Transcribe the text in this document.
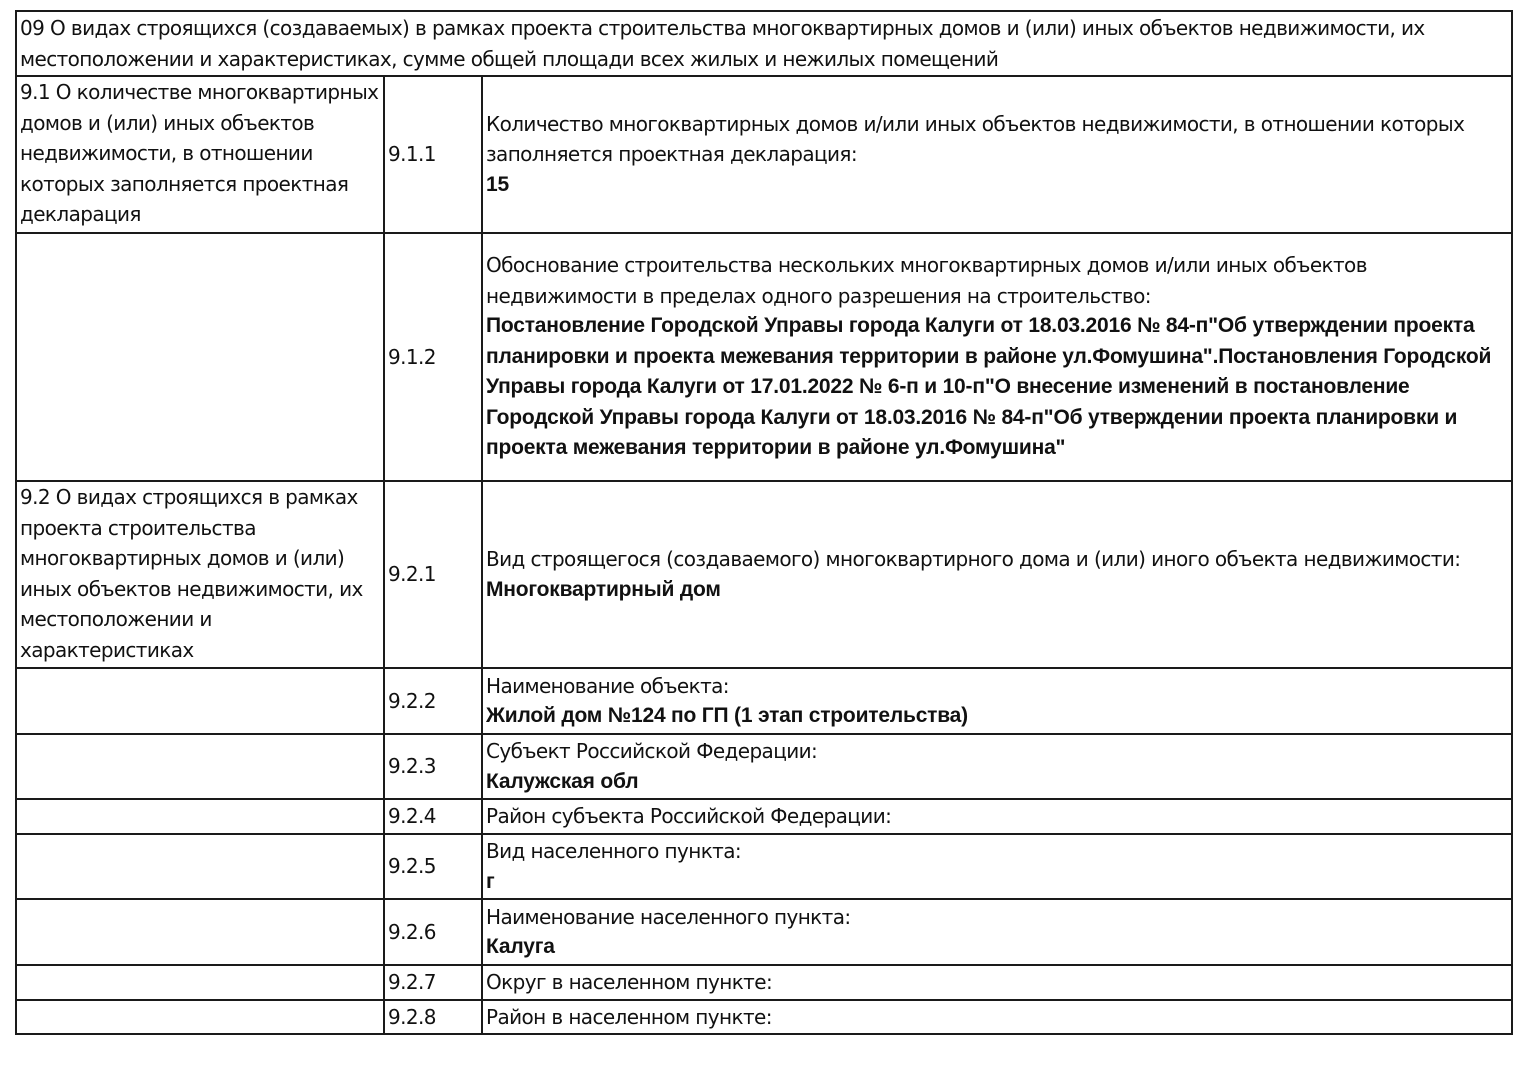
09 О видах строящихся (создаваемых) в рамках проекта строительства многоквартирных домов и (или) иных объектов недвижимости, их местоположении и характеристиках, сумме общей площади всех жилых и нежилых помещений		
9.1 О количестве многоквартирных домов и (или) иных объектов недвижимости, в отношении которых заполняется проектная декларация	9.1.1	Количество многоквартирных домов и/или иных объектов недвижимости, в отношении которых заполняется проектная декларация:
15

	9.1.2	Обоснование строительства нескольких многоквартирных домов и/или иных объектов недвижимости в пределах одного разрешения на строительство:
Постановление Городской Управы города Калуги от 18.03.2016 № 84-п"Об утверждении проекта планировки и проекта межевания территории в районе ул.Фомушина".Постановления Городской Управы города Калуги от 17.01.2022 № 6-п и 10-п"О внесение изменений в постановление Городской Управы города Калуги от 18.03.2016 № 84-п"Об утверждении проекта планировки и проекта межевания территории в районе ул.Фомушина"

9.2 О видах строящихся в рамках проекта строительства многоквартирных домов и (или) иных объектов недвижимости, их местоположении и характеристиках	9.2.1	Вид строящегося (создаваемого) многоквартирного дома и (или) иного объекта недвижимости:
Многоквартирный дом

	9.2.2	Наименование объекта:
Жилой дом №124 по ГП (1 этап строительства)

	9.2.3	Субъект Российской Федерации:
Калужская обл

	9.2.4	Район субъекта Российской Федерации:

	9.2.5	Вид населенного пункта:
г

	9.2.6	Наименование населенного пункта:
Калуга

	9.2.7	Округ в населенном пункте:

	9.2.8	Район в населенном пункте:
